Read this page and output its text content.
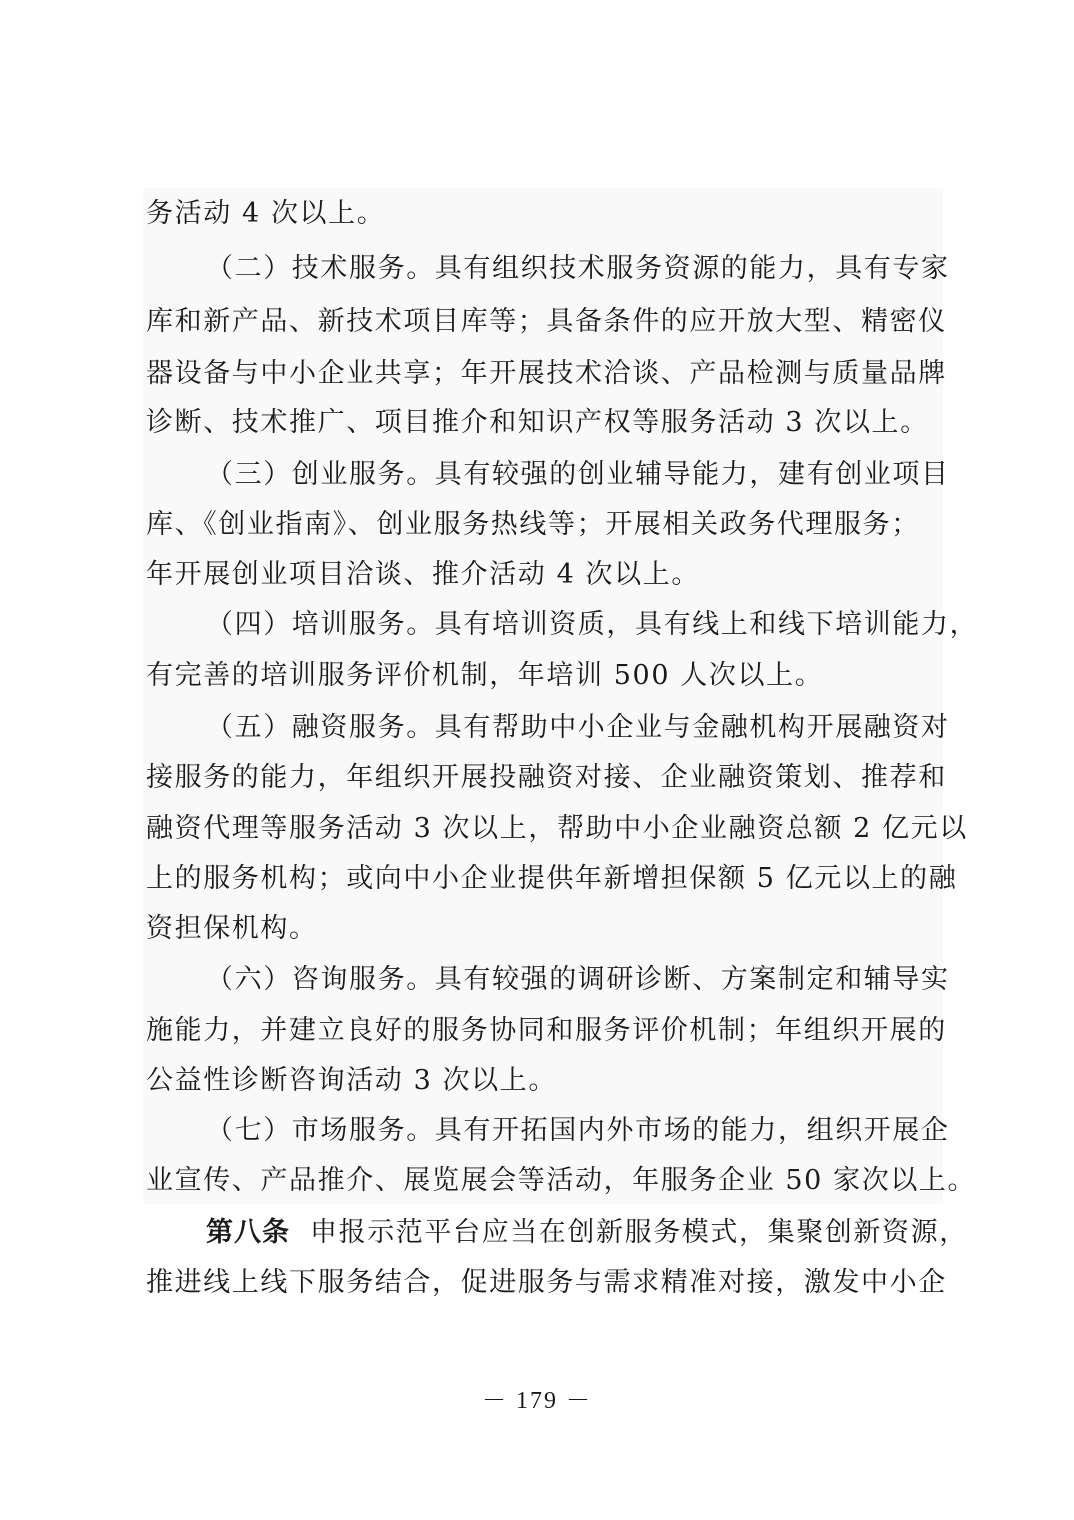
务活动 4 次以上。
（二）技术服务。具有组织技术服务资源的能力，具有专家
库和新产品、新技术项目库等；具备条件的应开放大型、精密仪
器设备与中小企业共享；年开展技术洽谈、产品检测与质量品牌
诊断、技术推广、项目推介和知识产权等服务活动 3 次以上。
（三）创业服务。具有较强的创业辅导能力，建有创业项目
库、《创业指南》、创业服务热线等；开展相关政务代理服务；
年开展创业项目洽谈、推介活动 4 次以上。
（四）培训服务。具有培训资质，具有线上和线下培训能力，
有完善的培训服务评价机制，年培训 500 人次以上。
（五）融资服务。具有帮助中小企业与金融机构开展融资对
接服务的能力，年组织开展投融资对接、企业融资策划、推荐和
融资代理等服务活动 3 次以上，帮助中小企业融资总额 2 亿元以
上的服务机构；或向中小企业提供年新增担保额 5 亿元以上的融
资担保机构。
（六）咨询服务。具有较强的调研诊断、方案制定和辅导实
施能力，并建立良好的服务协同和服务评价机制；年组织开展的
公益性诊断咨询活动 3 次以上。
（七）市场服务。具有开拓国内外市场的能力，组织开展企
业宣传、产品推介、展览展会等活动，年服务企业 50 家次以上。
第八条 申报示范平台应当在创新服务模式，集聚创新资源，
推进线上线下服务结合，促进服务与需求精准对接，激发中小企
－ 179 －
